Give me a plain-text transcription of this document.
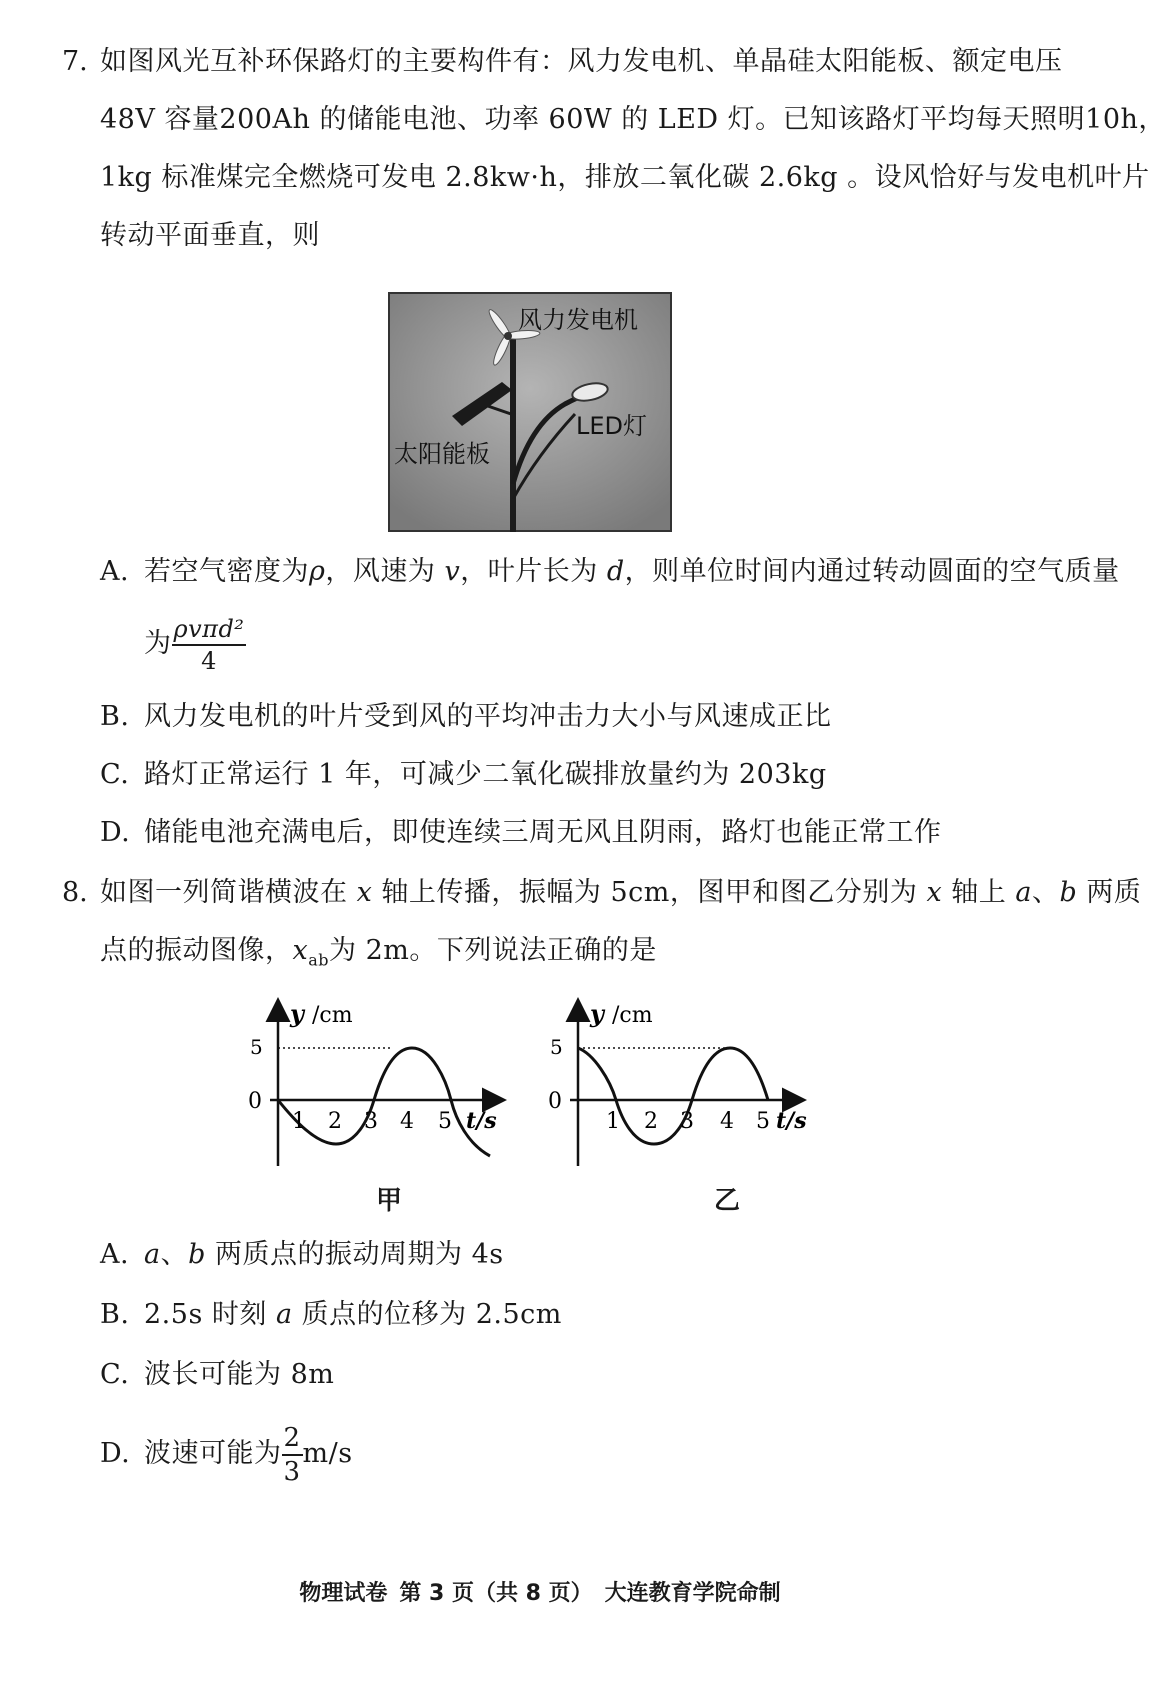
7. 如图风光互补环保路灯的主要构件有：风力发电机、单晶硅太阳能板、额定电压
48V 容量200Ah 的储能电池、功率 60W 的 LED 灯。已知该路灯平均每天照明10h，
1kg 标准煤完全燃烧可发电 2.8kw·h，排放二氧化碳 2.6kg 。设风恰好与发电机叶片
转动平面垂直，则
风力发电机
LED灯
太阳能板
A. 若空气密度为ρ，风速为 v，叶片长为 d，则单位时间内通过转动圆面的空气质量
为 $\frac{\text{ρvπd²}}{4}$
B. 风力发电机的叶片受到风的平均冲击力大小与风速成正比
C. 路灯正常运行 1 年，可减少二氧化碳排放量约为 203kg
D. 储能电池充满电后，即使连续三周无风且阴雨，路灯也能正常工作
8. 如图一列简谐横波在 x 轴上传播，振幅为 5cm，图甲和图乙分别为 x 轴上 a、b 两质
点的振动图像，$x_{ab}$为 2m。下列说法正确的是
y /cm
5
0
1 2 3 4 5 t/s
甲
y /cm
5
0
1 2 3 4 5 t/s
乙
A. a、b 两质点的振动周期为 4s
B. 2.5s 时刻 a 质点的位移为 2.5cm
C. 波长可能为 8m
D. 波速可能为 $\frac{2}{3} m/s$
物理试卷 第 3 页（共 8 页） 大连教育学院命制
